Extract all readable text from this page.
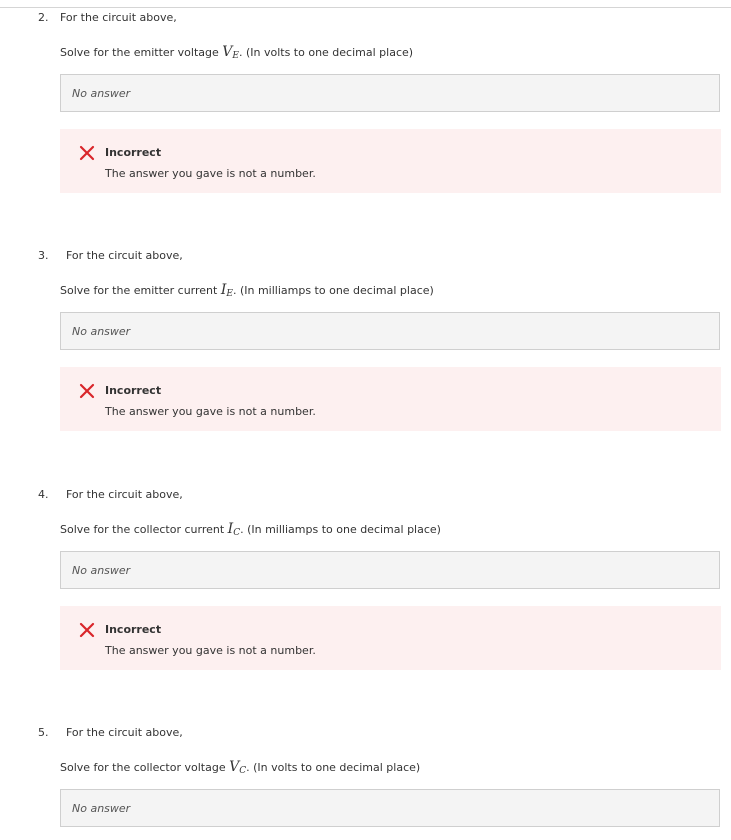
2. For the circuit above,
Solve for the emitter voltage $V_E$. (In volts to one decimal place)
No answer
Incorrect
The answer you gave is not a number.
3. For the circuit above,
Solve for the emitter current $I_E$. (In milliamps to one decimal place)
No answer
Incorrect
The answer you gave is not a number.
4. For the circuit above,
Solve for the collector current $I_C$. (In milliamps to one decimal place)
No answer
Incorrect
The answer you gave is not a number.
5. For the circuit above,
Solve for the collector voltage $V_C$. (In volts to one decimal place)
No answer
